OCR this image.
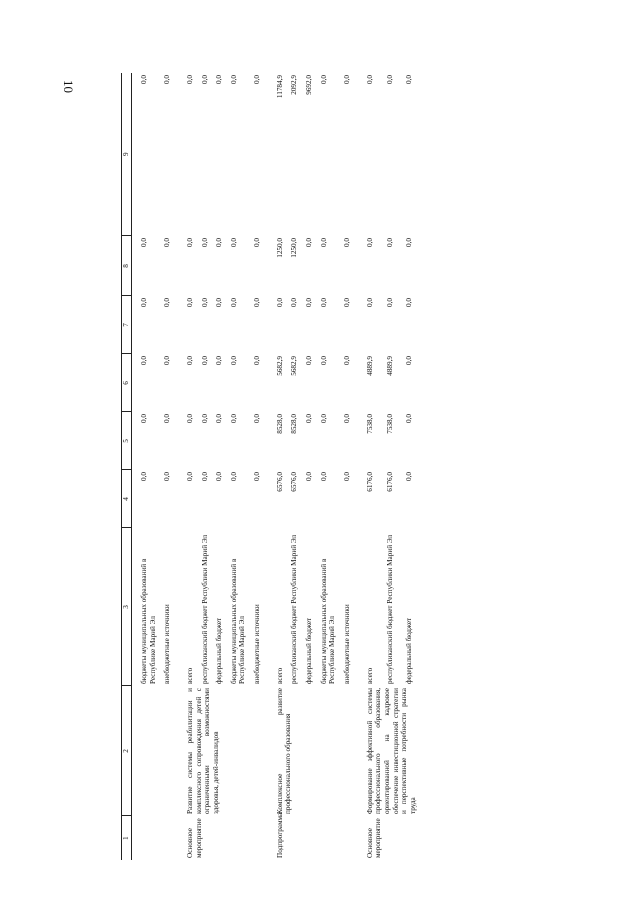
10
1	2	3	4	5	6	7	8	9
		бюджеты муниципальных образований в Республике Марий Эл	0,0	0,0	0,0	0,0	0,0	0,0
		внебюджетные источники	0,0	0,0	0,0	0,0	0,0	0,0
Основное мероприятие	Развитие системы реабилитации и комплексного сопровождения детей с ограниченными возможностями здоровья, детей-инвалидов	всего	0,0	0,0	0,0	0,0	0,0	0,0
		республиканский бюджет Республики Марий Эл	0,0	0,0	0,0	0,0	0,0	0,0
		федеральный бюджет	0,0	0,0	0,0	0,0	0,0	0,0
		бюджеты муниципальных образований в Республике Марий Эл	0,0	0,0	0,0	0,0	0,0	0,0
		внебюджетные источники	0,0	0,0	0,0	0,0	0,0	0,0
Подпрограмма	Комплексное развитие профессионального образования	всего	6576,0	8528,0	5682,9	0,0	1250,0	11784,9
		республиканский бюджет Республики Марий Эл	6576,0	8528,0	5682,9	0,0	1250,0	2092,9
		федеральный бюджет	0,0	0,0	0,0	0,0	0,0	9692,0
		бюджеты муниципальных образований в Республике Марий Эл	0,0	0,0	0,0	0,0	0,0	0,0
		внебюджетные источники	0,0	0,0	0,0	0,0	0,0	0,0
Основное мероприятие	Формирование эффективной системы профессионального образования, ориентированной на кадровое обеспечение инвестиционной стратегии и перспективные потребности рынка труда	всего	6176,0	7538,0	4889,9	0,0	0,0	0,0
		республиканский бюджет Республики Марий Эл	6176,0	7538,0	4889,9	0,0	0,0	0,0
		федеральный бюджет	0,0	0,0	0,0	0,0	0,0	0,0
